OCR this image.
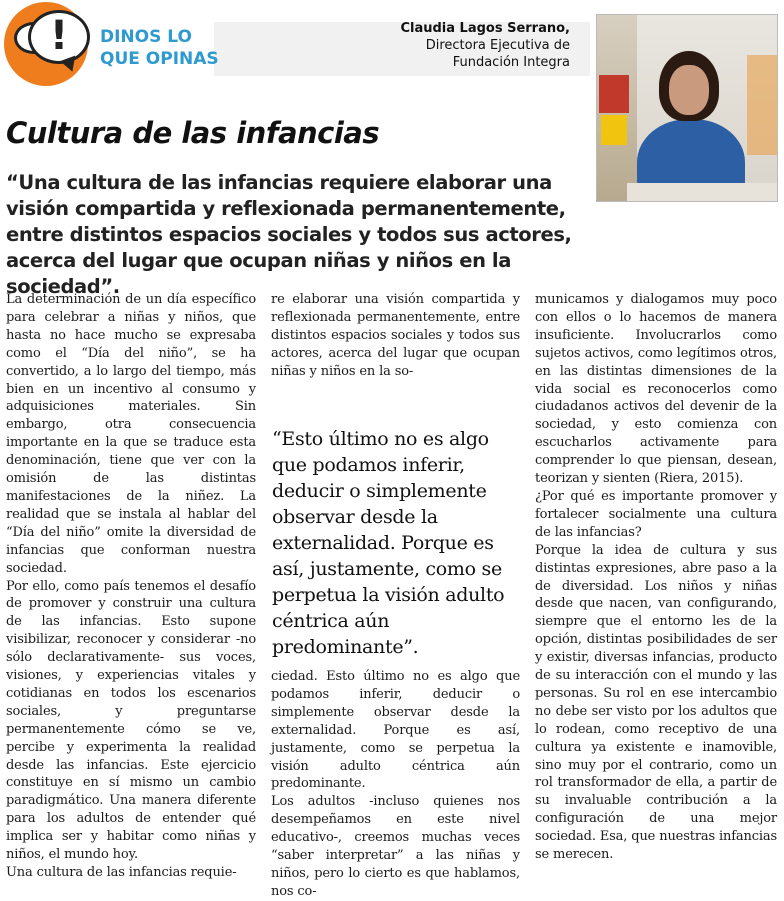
!	DINOS LO
QUE OPINAS
Claudia Lagos Serrano,
Directora Ejecutiva de
Fundación Integra
Cultura de las infancias
“Una cultura de las infancias requiere elaborar una visión compartida y reflexionada permanentemente, entre distintos espacios sociales y todos sus actores, acerca del lugar que ocupan niñas y niños en la sociedad”.

La determinación de un día específico para celebrar a niñas y niños, que hasta no hace mucho se expresaba como el “Día del niño”, se ha convertido, a lo largo del tiempo, más bien en un incentivo al consumo y adquisiciones materiales. Sin embargo, otra consecuencia importante en la que se traduce esta denominación, tiene que ver con la omisión de las distintas manifestaciones de la niñez. La realidad que se instala al hablar del “Día del niño” omite la diversidad de infancias que conforman nuestra sociedad.

Por ello, como país tenemos el desafío de promover y construir una cultura de las infancias. Esto supone visibilizar, reconocer y considerar -no sólo declarativamente- sus voces, visiones, y experiencias vitales y cotidianas en todos los escenarios sociales, y preguntarse permanentemente cómo se ve, percibe y experimenta la realidad desde las infancias. Este ejercicio constituye en sí mismo un cambio paradigmático. Una manera diferente para los adultos de entender qué implica ser y habitar como niñas y niños, el mundo hoy.

Una cultura de las infancias requie-

re elaborar una visión compartida y reflexionada permanentemente, entre distintos espacios sociales y todos sus actores, acerca del lugar que ocupan niñas y niños en la so-

“Esto último no es algo que podamos inferir, deducir o simplemente observar desde la externalidad. Porque es así, justamente, como se perpetua la visión adulto céntrica aún predominante”.

ciedad. Esto último no es algo que podamos inferir, deducir o simplemente observar desde la externalidad. Porque es así, justamente, como se perpetua la visión adulto céntrica aún predominante.

Los adultos -incluso quienes nos desempeñamos en este nivel educativo-, creemos muchas veces “saber interpretar” a las niñas y niños, pero lo cierto es que hablamos, nos co-

municamos y dialogamos muy poco con ellos o lo hacemos de manera insuficiente. Involucrarlos como sujetos activos, como legítimos otros, en las distintas dimensiones de la vida social es reconocerlos como ciudadanos activos del devenir de la sociedad, y esto comienza con escucharlos activamente para comprender lo que piensan, desean, teorizan y sienten (Riera, 2015).

¿Por qué es importante promover y fortalecer socialmente una cultura de las infancias?

Porque la idea de cultura y sus distintas expresiones, abre paso a la de diversidad. Los niños y niñas desde que nacen, van configurando, siempre que el entorno les de la opción, distintas posibilidades de ser y existir, diversas infancias, producto de su interacción con el mundo y las personas. Su rol en ese intercambio no debe ser visto por los adultos que lo rodean, como receptivo de una cultura ya existente e inamovible, sino muy por el contrario, como un rol transformador de ella, a partir de su invaluable contribución a la configuración de una mejor sociedad. Esa, que nuestras infancias se merecen.
